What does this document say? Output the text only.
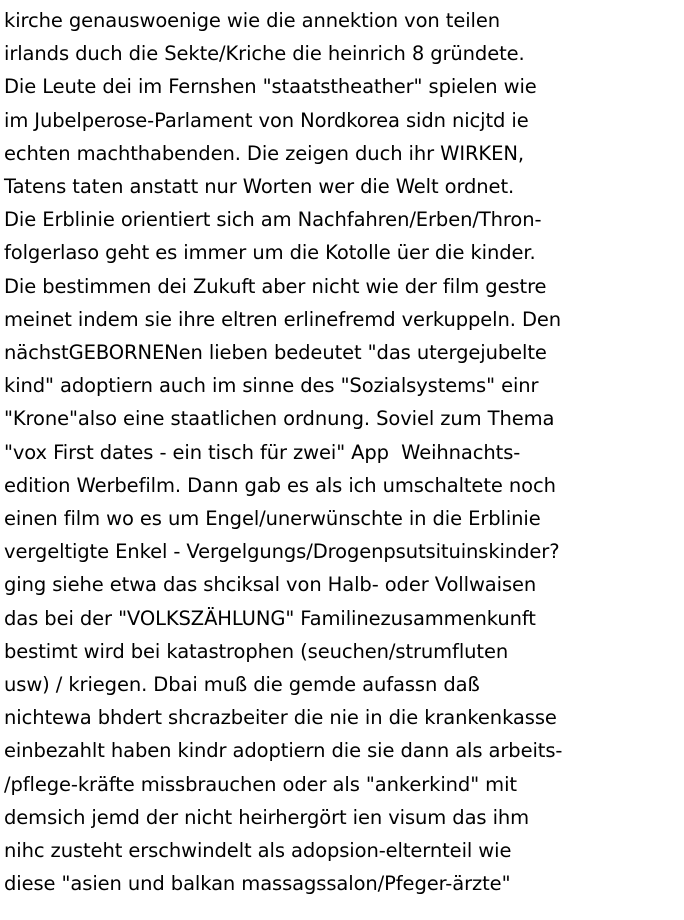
kirche genauswoenige wie die annektion von teilen
irlands duch die Sekte/Kriche die heinrich 8 gründete.
Die Leute dei im Fernshen "staatstheather" spielen wie
im Jubelperose-Parlament von Nordkorea sidn nicjtd ie
echten machthabenden. Die zeigen duch ihr WIRKEN,
Tatens taten anstatt nur Worten wer die Welt ordnet.
Die Erblinie orientiert sich am Nachfahren/Erben/Thron-
folgerlaso geht es immer um die Kotolle üer die kinder.
Die bestimmen dei Zukuft aber nicht wie der film gestre
meinet indem sie ihre eltren erlinefremd verkuppeln. Den
nächstGEBORNENen lieben bedeutet "das utergejubelte
kind" adoptiern auch im sinne des "Sozialsystems" einr
"Krone"also eine staatlichen ordnung. Soviel zum Thema
"vox First dates - ein tisch für zwei" App  Weihnachts-
edition Werbefilm. Dann gab es als ich umschaltete noch
einen film wo es um Engel/unerwünschte in die Erblinie
vergeltigte Enkel - Vergelgungs/Drogenpsutsituinskinder?
ging siehe etwa das shciksal von Halb- oder Vollwaisen
das bei der "VOLKSZÄHLUNG" Familinezusammenkunft
bestimt wird bei katastrophen (seuchen/strumfluten
usw) / kriegen. Dbai muß die gemde aufassn daß
nichtewa bhdert shcrazbeiter die nie in die krankenkasse
einbezahlt haben kindr adoptiern die sie dann als arbeits-
/pflege-kräfte missbrauchen oder als "ankerkind" mit
demsich jemd der nicht heirhergört ien visum das ihm
nihc zusteht erschwindelt als adopsion-elternteil wie
diese "asien und balkan massagssalon/Pfeger-ärzte"
